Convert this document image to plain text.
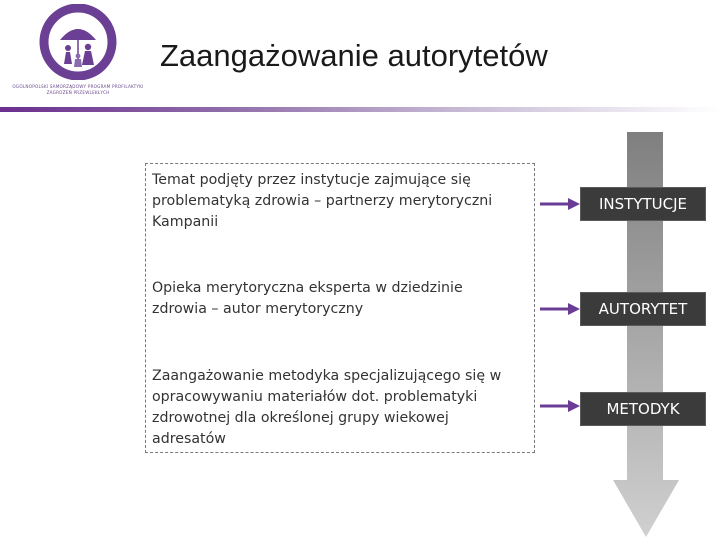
OGÓLNOPOLSKI SAMORZĄDOWY PROGRAM PROFILAKTYKI
ZAGROŻEŃ PRZEWLEKŁYCH
Zaangażowanie autorytetów

Temat podjęty przez instytucje zajmujące się problematyką zdrowia – partnerzy merytoryczni Kampanii

INSTYTUCJE

Opieka merytoryczna eksperta w dziedzinie zdrowia – autor merytoryczny	AUTORYTET

Zaangażowanie metodyka specjalizującego się w opracowywaniu materiałów dot. problematyki zdrowotnej dla określonej grupy wiekowej adresatów

METODYK
